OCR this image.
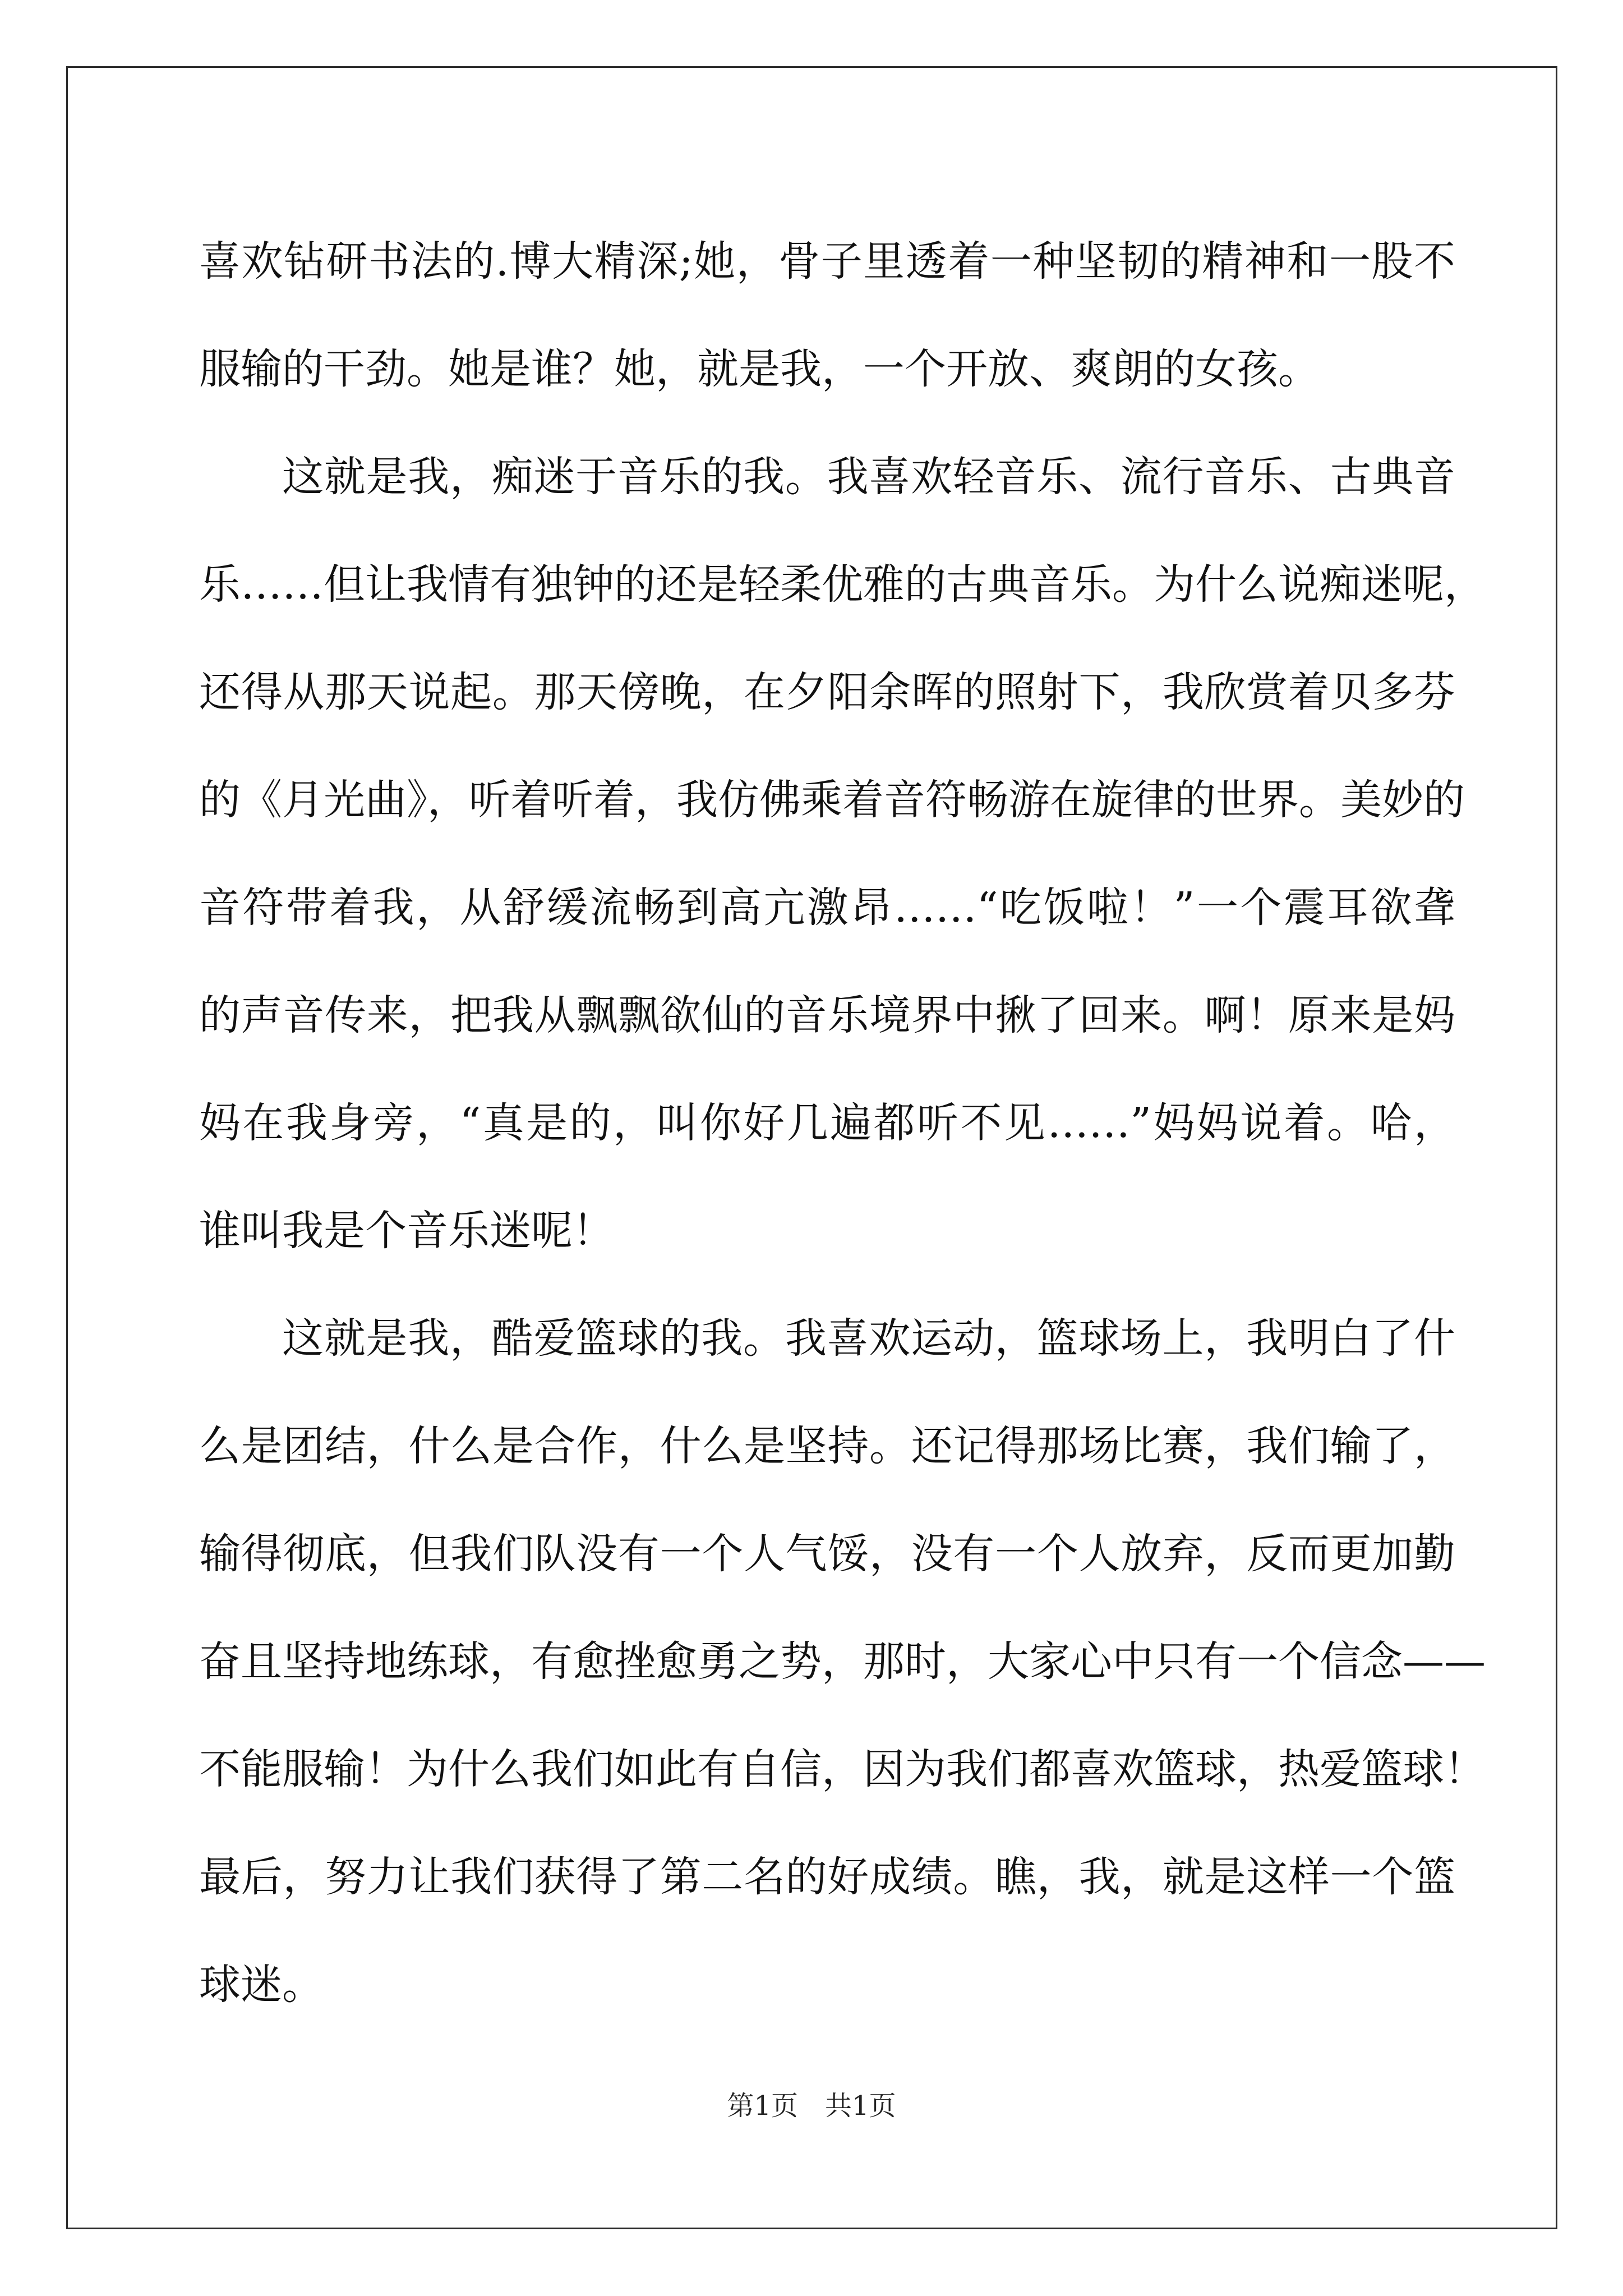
喜欢钻研书法的.博大精深;她，骨子里透着一种坚韧的精神和一股不
服输的干劲。她是谁？她，就是我，一个开放、爽朗的女孩。
这就是我，痴迷于音乐的我。我喜欢轻音乐、流行音乐、古典音
乐……但让我情有独钟的还是轻柔优雅的古典音乐。为什么说痴迷呢，
还得从那天说起。那天傍晚，在夕阳余晖的照射下，我欣赏着贝多芬
的《月光曲》，听着听着，我仿佛乘着音符畅游在旋律的世界。美妙的
音符带着我，从舒缓流畅到高亢激昂……“吃饭啦！”一个震耳欲聋
的声音传来，把我从飘飘欲仙的音乐境界中揪了回来。啊！原来是妈
妈在我身旁，“真是的，叫你好几遍都听不见……”妈妈说着。哈，
谁叫我是个音乐迷呢！
这就是我，酷爱篮球的我。我喜欢运动，篮球场上，我明白了什
么是团结，什么是合作，什么是坚持。还记得那场比赛，我们输了，
输得彻底，但我们队没有一个人气馁，没有一个人放弃，反而更加勤
奋且坚持地练球，有愈挫愈勇之势，那时，大家心中只有一个信念——
不能服输！为什么我们如此有自信，因为我们都喜欢篮球，热爱篮球！
最后，努力让我们获得了第二名的好成绩。瞧，我，就是这样一个篮
球迷。
第1页　共1页
